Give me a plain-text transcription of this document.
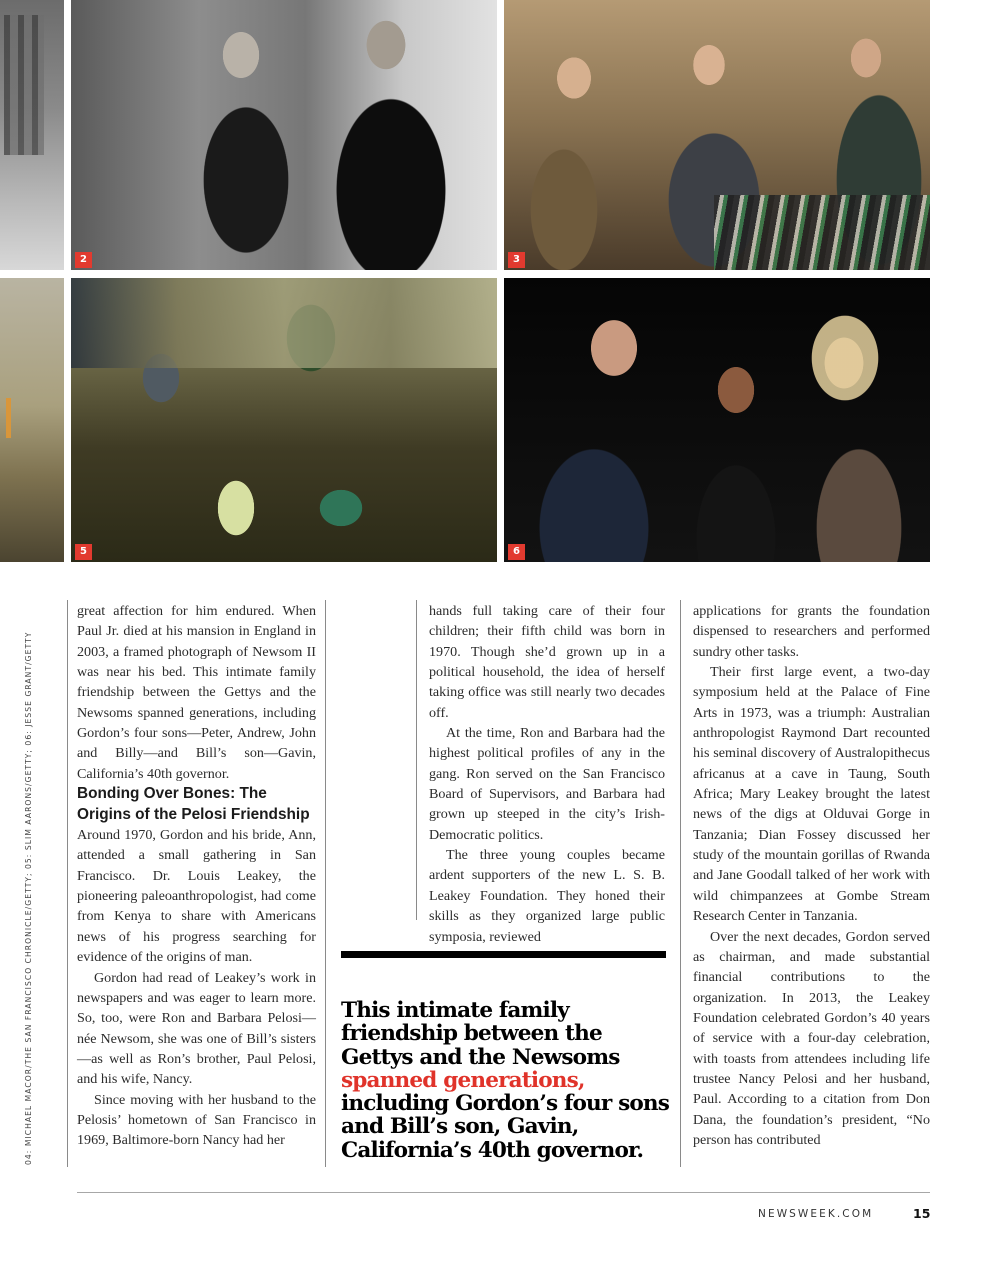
2	3
5	6
04: MICHAEL MACOR/THE SAN FRANCISCO CHRONICLE/GETTY; 05: SLIM AARONS/GETTY; 06: JESSE GRANT/GETTY

great affection for him endured. When Paul Jr. died at his mansion in England in 2003, a framed photograph of Newsom II was near his bed. This intimate family friendship between the Gettys and the Newsoms spanned generations, including Gordon’s four sons—Peter, Andrew, John and Billy—and Bill’s son—Gavin, California’s 40th governor.

Bonding Over Bones: The Origins of the Pelosi Friendship

Around 1970, Gordon and his bride, Ann, attended a small gathering in San Francisco. Dr. Louis Leakey, the pioneering paleoanthropologist, had come from Kenya to share with Americans news of his progress searching for evidence of the origins of man.

Gordon had read of Leakey’s work in newspapers and was eager to learn more. So, too, were Ron and Barbara Pelosi—née Newsom, she was one of Bill’s sisters—as well as Ron’s brother, Paul Pelosi, and his wife, Nancy.

Since moving with her husband to the Pelosis’ hometown of San Francisco in 1969, Baltimore-born Nancy had her

hands full taking care of their four children; their fifth child was born in 1970. Though she’d grown up in a political household, the idea of herself taking office was still nearly two decades off.

At the time, Ron and Barbara had the highest political profiles of any in the gang. Ron served on the San Francisco Board of Supervisors, and Barbara had grown up steeped in the city’s Irish-Democratic politics.

The three young couples became ardent supporters of the new L. S. B. Leakey Foundation. They honed their skills as they organized large public symposia, reviewed

This intimate family friendship between the Gettys and the Newsoms spanned generations, including Gordon’s four sons and Bill’s son, Gavin, California’s 40th governor.

applications for grants the foundation dispensed to researchers and performed sundry other tasks.

Their first large event, a two-day symposium held at the Palace of Fine Arts in 1973, was a triumph: Australian anthropologist Raymond Dart recounted his seminal discovery of Australopithecus africanus at a cave in Taung, South Africa; Mary Leakey brought the latest news of the digs at Olduvai Gorge in Tanzania; Dian Fossey discussed her study of the mountain gorillas of Rwanda and Jane Goodall talked of her work with wild chimpanzees at Gombe Stream Research Center in Tanzania.

Over the next decades, Gordon served as chairman, and made substantial financial contributions to the organization. In 2013, the Leakey Foundation celebrated Gordon’s 40 years of service with a four-day celebration, with toasts from attendees including life trustee Nancy Pelosi and her husband, Paul. According to a citation from Don Dana, the foundation’s president, “No person has contributed

NEWSWEEK.COM	15
